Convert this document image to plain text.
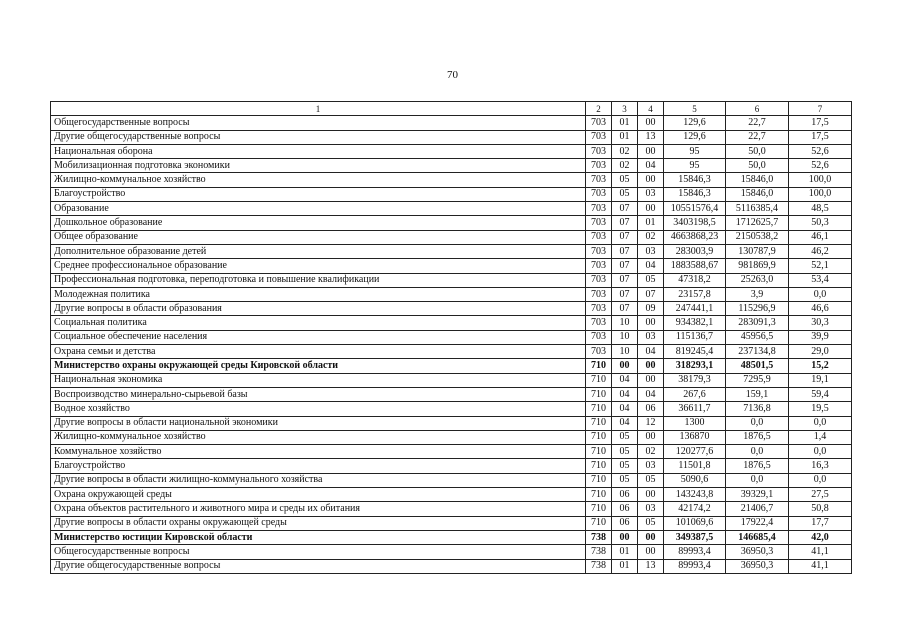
70
1	2	3	4	5	6	7
Общегосударственные вопросы	703	01	00	129,6	22,7	17,5
Другие общегосударственные вопросы	703	01	13	129,6	22,7	17,5
Национальная оборона	703	02	00	95	50,0	52,6
Мобилизационная подготовка экономики	703	02	04	95	50,0	52,6
Жилищно-коммунальное хозяйство	703	05	00	15846,3	15846,0	100,0
Благоустройство	703	05	03	15846,3	15846,0	100,0
Образование	703	07	00	10551576,4	5116385,4	48,5
Дошкольное образование	703	07	01	3403198,5	1712625,7	50,3
Общее образование	703	07	02	4663868,23	2150538,2	46,1
Дополнительное образование детей	703	07	03	283003,9	130787,9	46,2
Среднее профессиональное образование	703	07	04	1883588,67	981869,9	52,1
Профессиональная подготовка, переподготовка и повышение квалификации	703	07	05	47318,2	25263,0	53,4
Молодежная политика	703	07	07	23157,8	3,9	0,0
Другие вопросы в области образования	703	07	09	247441,1	115296,9	46,6
Социальная политика	703	10	00	934382,1	283091,3	30,3
Социальное обеспечение населения	703	10	03	115136,7	45956,5	39,9
Охрана семьи и детства	703	10	04	819245,4	237134,8	29,0
Министерство охраны окружающей среды Кировской области	710	00	00	318293,1	48501,5	15,2
Национальная экономика	710	04	00	38179,3	7295,9	19,1
Воспроизводство минерально-сырьевой базы	710	04	04	267,6	159,1	59,4
Водное хозяйство	710	04	06	36611,7	7136,8	19,5
Другие вопросы в области национальной экономики	710	04	12	1300	0,0	0,0
Жилищно-коммунальное хозяйство	710	05	00	136870	1876,5	1,4
Коммунальное хозяйство	710	05	02	120277,6	0,0	0,0
Благоустройство	710	05	03	11501,8	1876,5	16,3
Другие вопросы в области жилищно-коммунального хозяйства	710	05	05	5090,6	0,0	0,0
Охрана окружающей среды	710	06	00	143243,8	39329,1	27,5
Охрана объектов растительного и животного мира и среды их обитания	710	06	03	42174,2	21406,7	50,8
Другие вопросы в области охраны окружающей среды	710	06	05	101069,6	17922,4	17,7
Министерство юстиции Кировской области	738	00	00	349387,5	146685,4	42,0
Общегосударственные вопросы	738	01	00	89993,4	36950,3	41,1
Другие общегосударственные вопросы	738	01	13	89993,4	36950,3	41,1
